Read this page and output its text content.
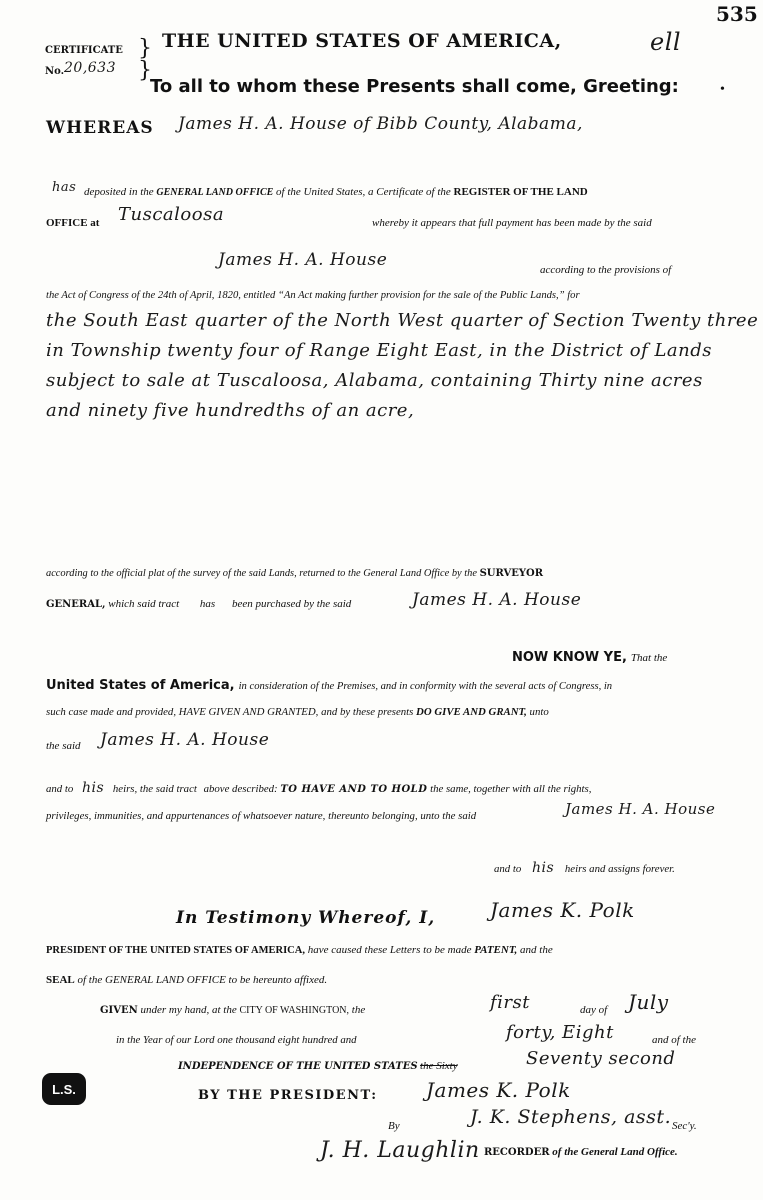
ell
535
CERTIFICATE }
No. 20,633 }
THE UNITED STATES OF AMERICA,
To all to whom these Presents shall come, Greeting:	•
WHEREAS James H. A. House of Bibb County, Alabama,
has deposited in the GENERAL LAND OFFICE of the United States, a Certificate of the REGISTER OF THE LAND
OFFICE at Tuscaloosa	whereby it appears that full payment has been made by the said
James H. A. House	according to the provisions of
the Act of Congress of the 24th of April, 1820, entitled “An Act making further provision for the sale of the Public Lands,” for
the South East quarter of the North West quarter of Section Twenty three
in Township twenty four of Range Eight East, in the District of Lands
subject to sale at Tuscaloosa, Alabama, containing Thirty nine acres
and ninety five hundredths of an acre,
according to the official plat of the survey of the said Lands, returned to the General Land Office by the SURVEYOR
GENERAL, which said tract has been purchased by the said	James H. A. House
NOW KNOW YE, That the
United States of America, in consideration of the Premises, and in conformity with the several acts of Congress, in
such case made and provided, HAVE GIVEN AND GRANTED, and by these presents DO GIVE AND GRANT, unto
the said James H. A. House
and to his heirs, the said tract above described: TO HAVE AND TO HOLD the same, together with all the rights,
privileges, immunities, and appurtenances of whatsoever nature, thereunto belonging, unto the said	James H. A. House
and to his heirs and assigns forever.
In Testimony Whereof, I,	James K. Polk
PRESIDENT OF THE UNITED STATES OF AMERICA, have caused these Letters to be made PATENT, and the
SEAL of the GENERAL LAND OFFICE to be hereunto affixed.
GIVEN under my hand, at the CITY OF WASHINGTON, the	first	day of July
in the Year of our Lord one thousand eight hundred and	forty, Eight	and of the
INDEPENDENCE OF THE UNITED STATES the Sixty	Seventy second
L.S.	BY THE PRESIDENT: James K. Polk
By	J. K. Stephens, asst. Sec'y.
J. H. Laughlin RECORDER of the General Land Office.
